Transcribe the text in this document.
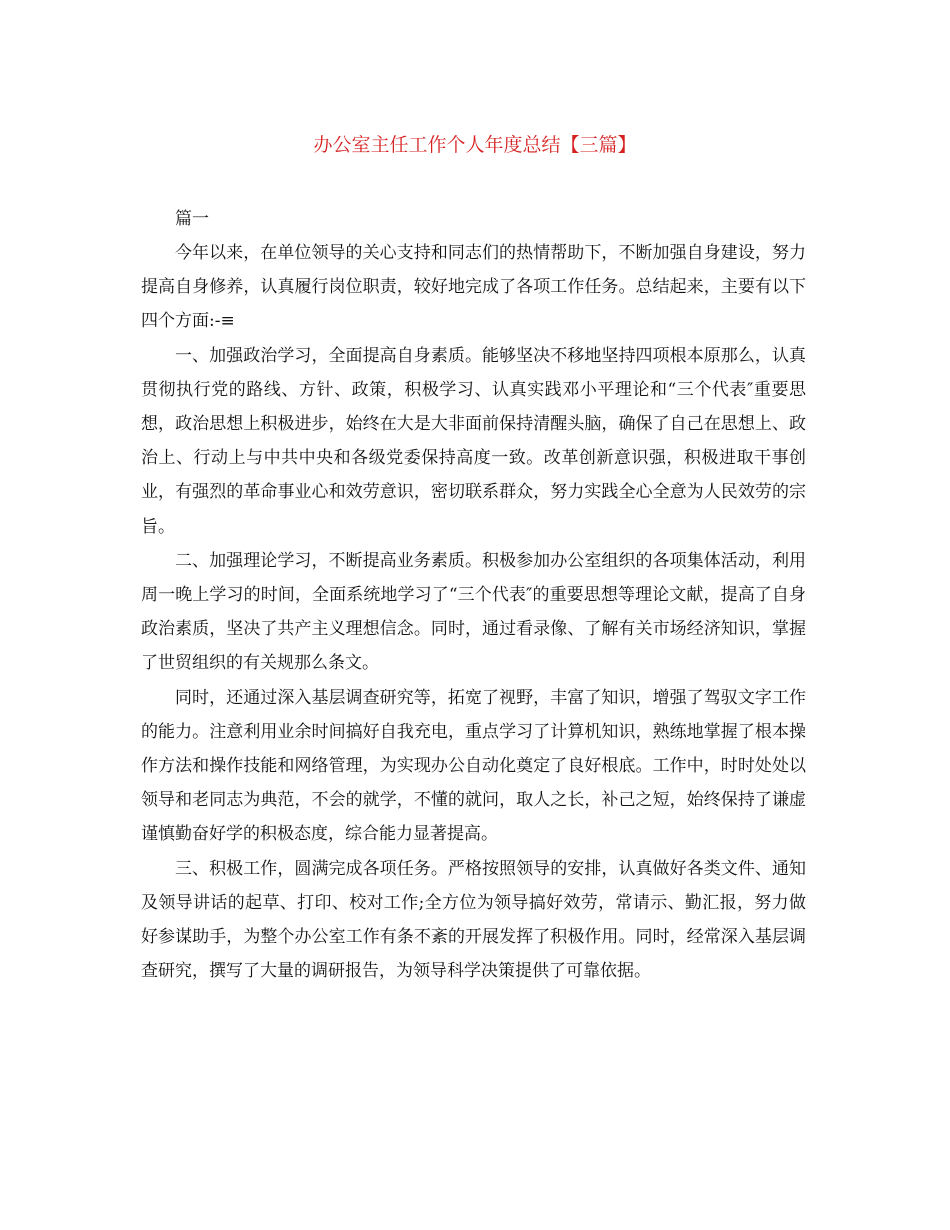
办公室主任工作个人年度总结【三篇】

篇一

今年以来，在单位领导的关心支持和同志们的热情帮助下，不断加强自身建设，努力提高自身修养，认真履行岗位职责，较好地完成了各项工作任务。总结起来，主要有以下四个方面:-≡

一、加强政治学习，全面提高自身素质。能够坚决不移地坚持四项根本原那么，认真贯彻执行党的路线、方针、政策，积极学习、认真实践邓小平理论和“三个代表″重要思想，政治思想上积极进步，始终在大是大非面前保持清醒头脑，确保了自己在思想上、政治上、行动上与中共中央和各级党委保持高度一致。改革创新意识强，积极进取干事创业，有强烈的革命事业心和效劳意识，密切联系群众，努力实践全心全意为人民效劳的宗旨。

二、加强理论学习，不断提高业务素质。积极参加办公室组织的各项集体活动，利用周一晚上学习的时间，全面系统地学习了“三个代表″的重要思想等理论文献，提高了自身政治素质，坚决了共产主义理想信念。同时，通过看录像、了解有关市场经济知识，掌握了世贸组织的有关规那么条文。

同时，还通过深入基层调查研究等，拓宽了视野，丰富了知识，增强了驾驭文字工作的能力。注意利用业余时间搞好自我充电，重点学习了计算机知识，熟练地掌握了根本操作方法和操作技能和网络管理，为实现办公自动化奠定了良好根底。工作中，时时处处以领导和老同志为典范，不会的就学，不懂的就问，取人之长，补己之短，始终保持了谦虚谨慎勤奋好学的积极态度，综合能力显著提高。

三、积极工作，圆满完成各项任务。严格按照领导的安排，认真做好各类文件、通知及领导讲话的起草、打印、校对工作;全方位为领导搞好效劳，常请示、勤汇报，努力做好参谋助手，为整个办公室工作有条不紊的开展发挥了积极作用。同时，经常深入基层调查研究，撰写了大量的调研报告，为领导科学决策提供了可靠依据。
